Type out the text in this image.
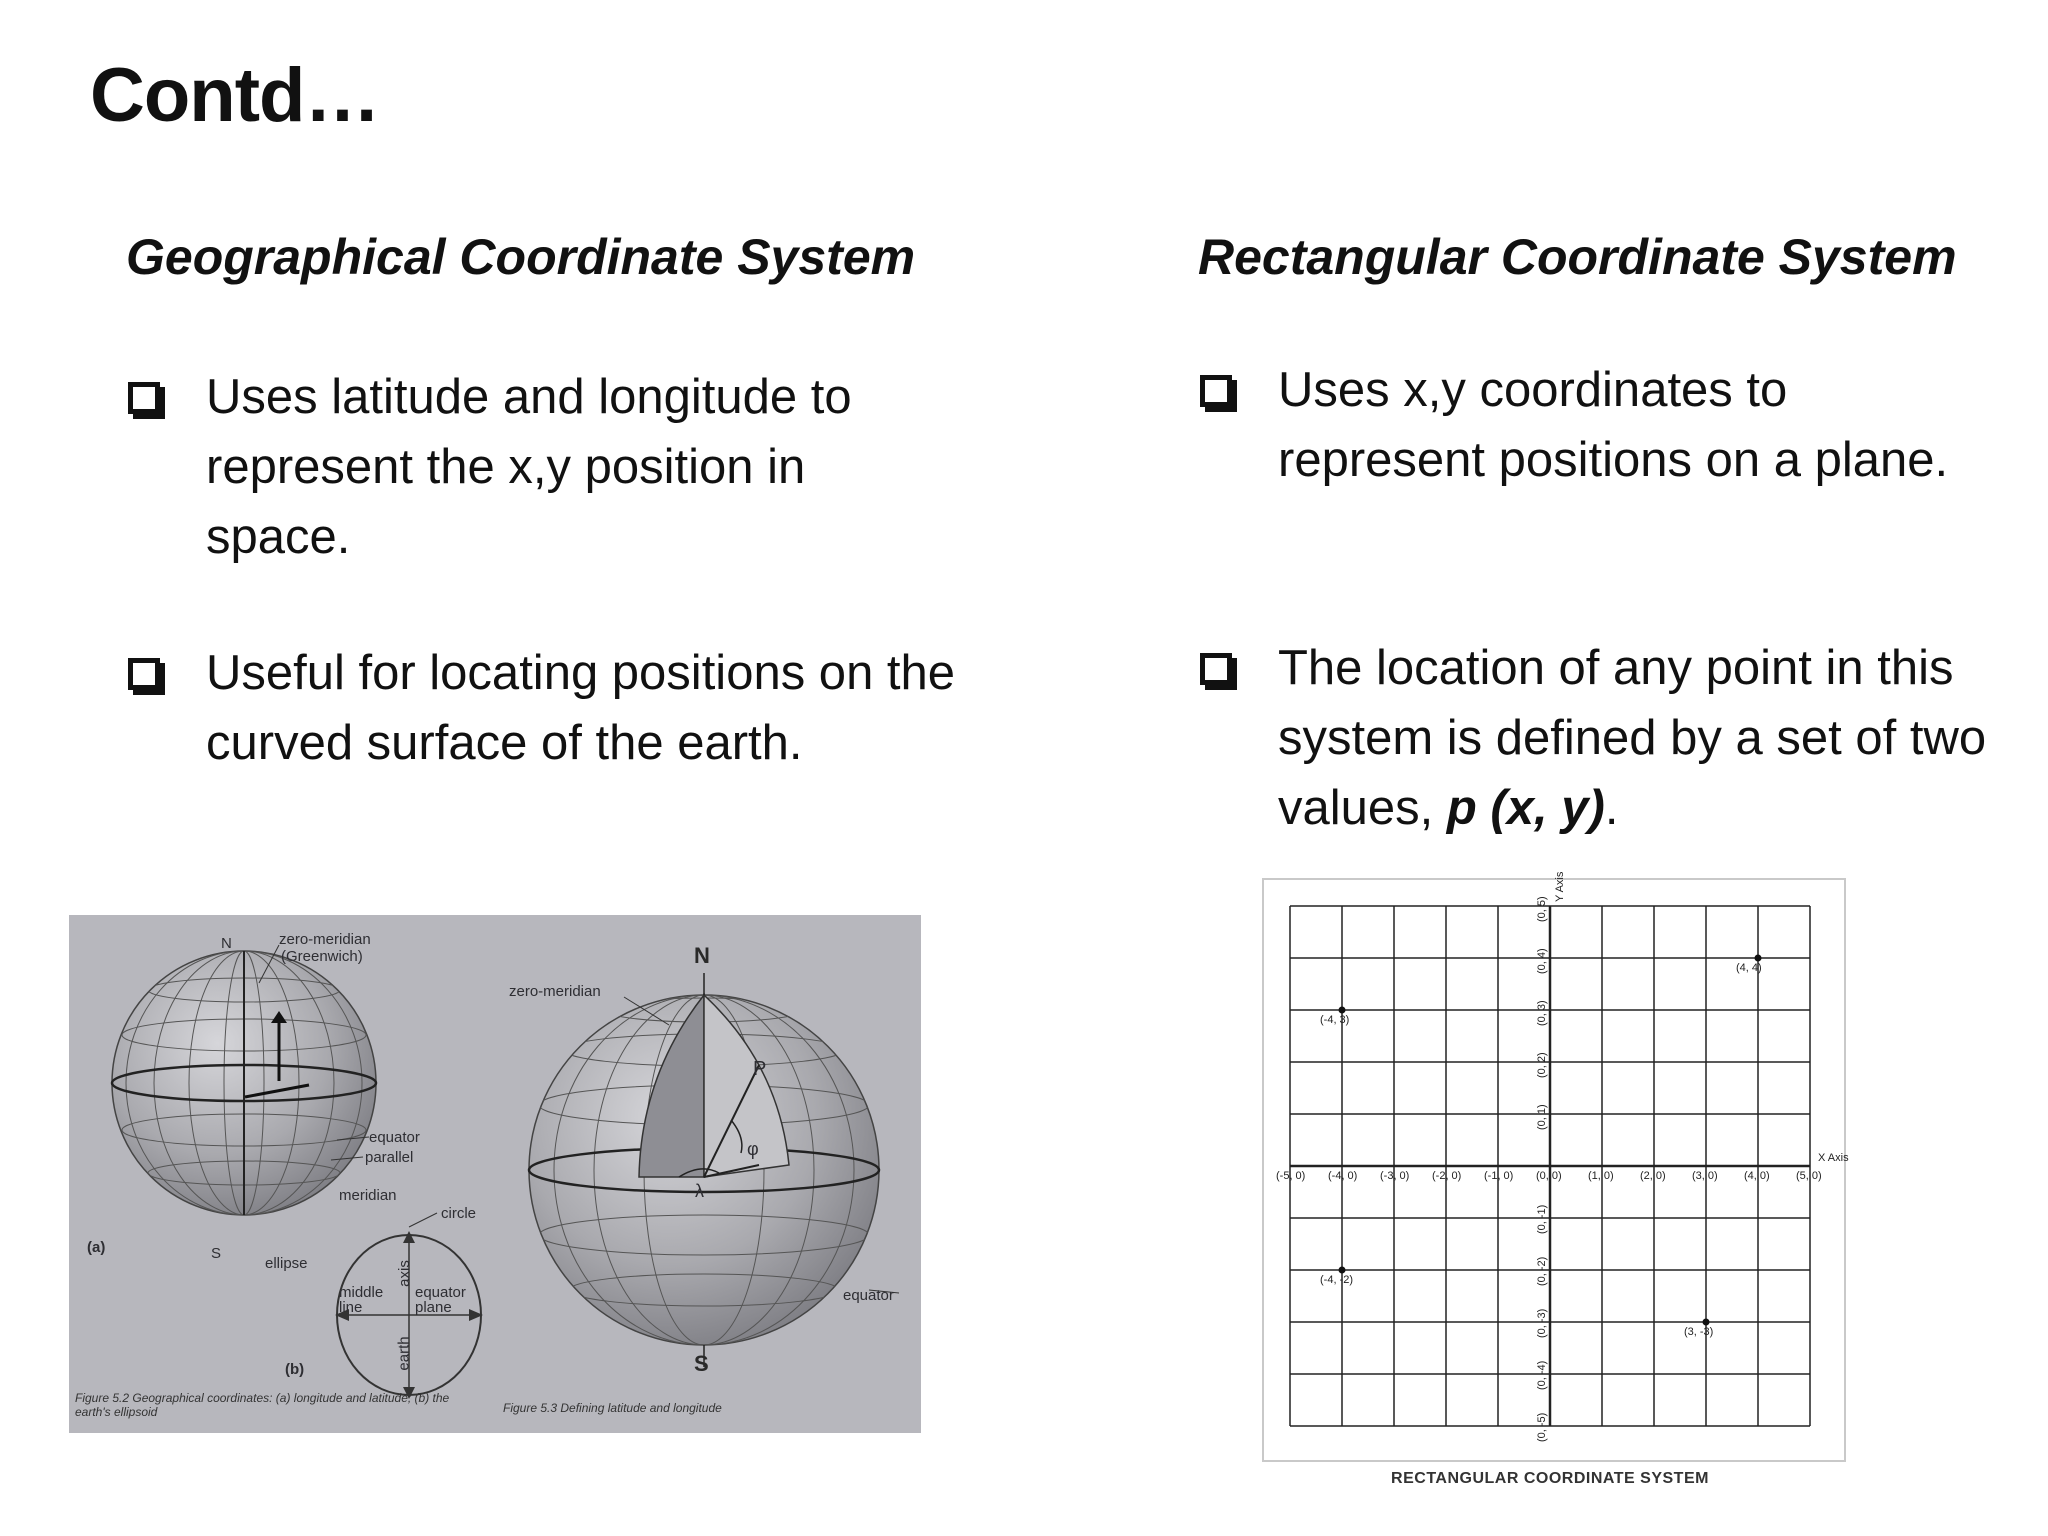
Contd…
Geographical Coordinate System
Uses latitude and longitude to represent the x,y position in space.
Useful for locating positions on the curved surface of the earth.
Rectangular Coordinate System
Uses x,y coordinates to represent positions on a plane.
The location of any point in this system is defined by a set of two values, p (x, y).
N	zero-meridian
(Greenwich)
S
equator
parallel
meridian
circle
ellipse
middle line
equator plane
axis
earth
(a)
(b)
zero-meridian
N
S
P
φ
λ
equator
Figure 5.2 Geographical coordinates: (a) longitude and latitude; (b) the earth's ellipsoid	Figure 5.3 Defining latitude and longitude
(-5, 0) (-4, 0) (-3, 0) (-2, 0) (-1, 0) (0, 0) (1, 0) (2, 0) (3, 0) (4, 0) (5, 0)
(0, 5)
(0, 4)
(0, 3)
(0, 2)
(0, 1)
(0, -1)
(0, -2)
(0, -3)
(0, -4)
(0, -5)
X Axis
Y Axis
(-4, 3)
(4, 4)
(-4, -2)
(3, -3)
RECTANGULAR COORDINATE SYSTEM
